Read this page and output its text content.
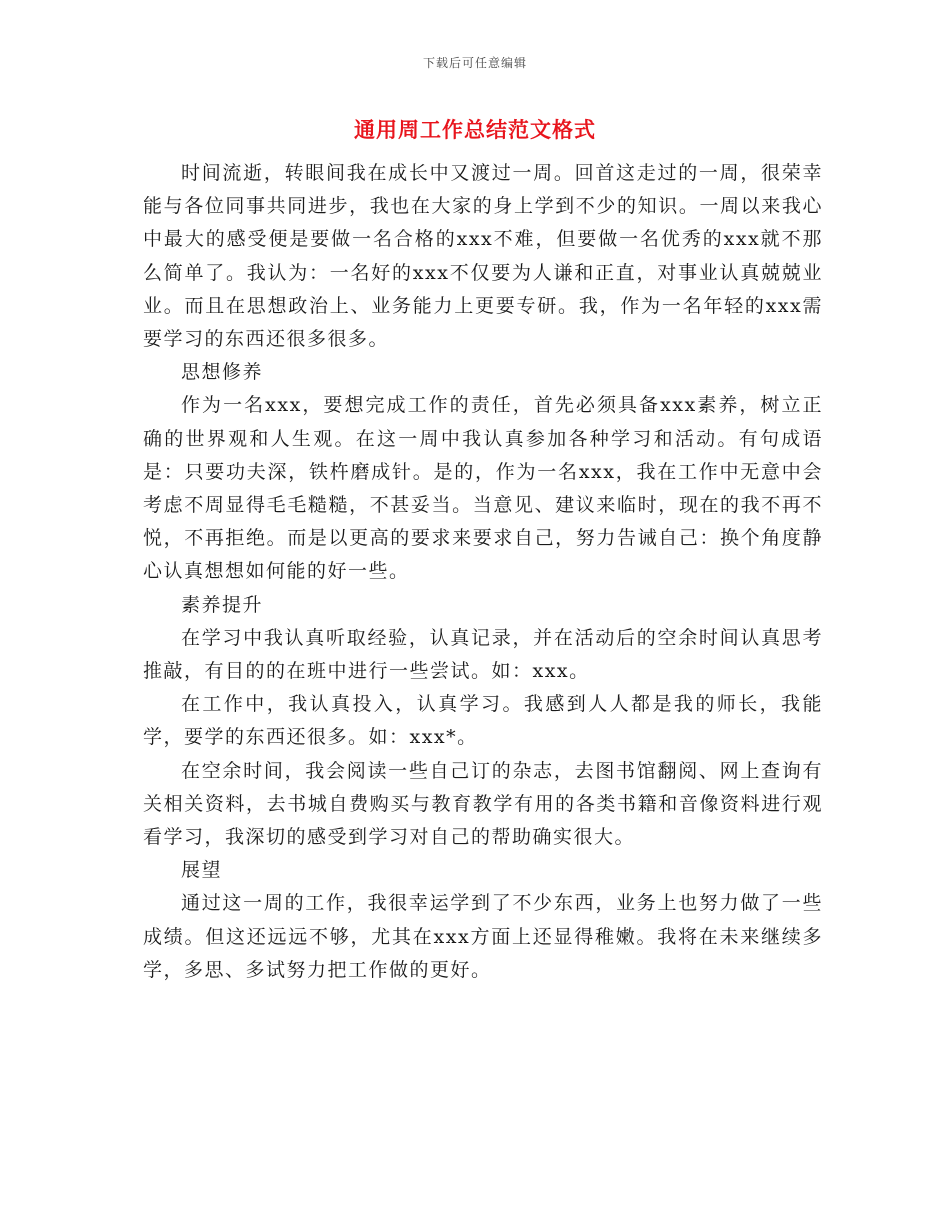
下载后可任意编辑
通用周工作总结范文格式

时间流逝，转眼间我在成长中又渡过一周。回首这走过的一周，很荣幸能与各位同事共同进步，我也在大家的身上学到不少的知识。一周以来我心中最大的感受便是要做一名合格的xxx不难，但要做一名优秀的xxx就不那么简单了。我认为：一名好的xxx不仅要为人谦和正直，对事业认真兢兢业业。而且在思想政治上、业务能力上更要专研。我，作为一名年轻的xxx需要学习的东西还很多很多。

思想修养

作为一名xxx，要想完成工作的责任，首先必须具备xxx素养，树立正确的世界观和人生观。在这一周中我认真参加各种学习和活动。有句成语是：只要功夫深，铁杵磨成针。是的，作为一名xxx，我在工作中无意中会考虑不周显得毛毛糙糙，不甚妥当。当意见、建议来临时，现在的我不再不悦，不再拒绝。而是以更高的要求来要求自己，努力告诫自己：换个角度静心认真想想如何能的好一些。

素养提升

在学习中我认真听取经验，认真记录，并在活动后的空余时间认真思考推敲，有目的的在班中进行一些尝试。如：xxx。

在工作中，我认真投入，认真学习。我感到人人都是我的师长，我能学，要学的东西还很多。如：xxx*。

在空余时间，我会阅读一些自己订的杂志，去图书馆翻阅、网上查询有关相关资料，去书城自费购买与教育教学有用的各类书籍和音像资料进行观看学习，我深切的感受到学习对自己的帮助确实很大。

展望

通过这一周的工作，我很幸运学到了不少东西，业务上也努力做了一些成绩。但这还远远不够，尤其在xxx方面上还显得稚嫩。我将在未来继续多学，多思、多试努力把工作做的更好。
